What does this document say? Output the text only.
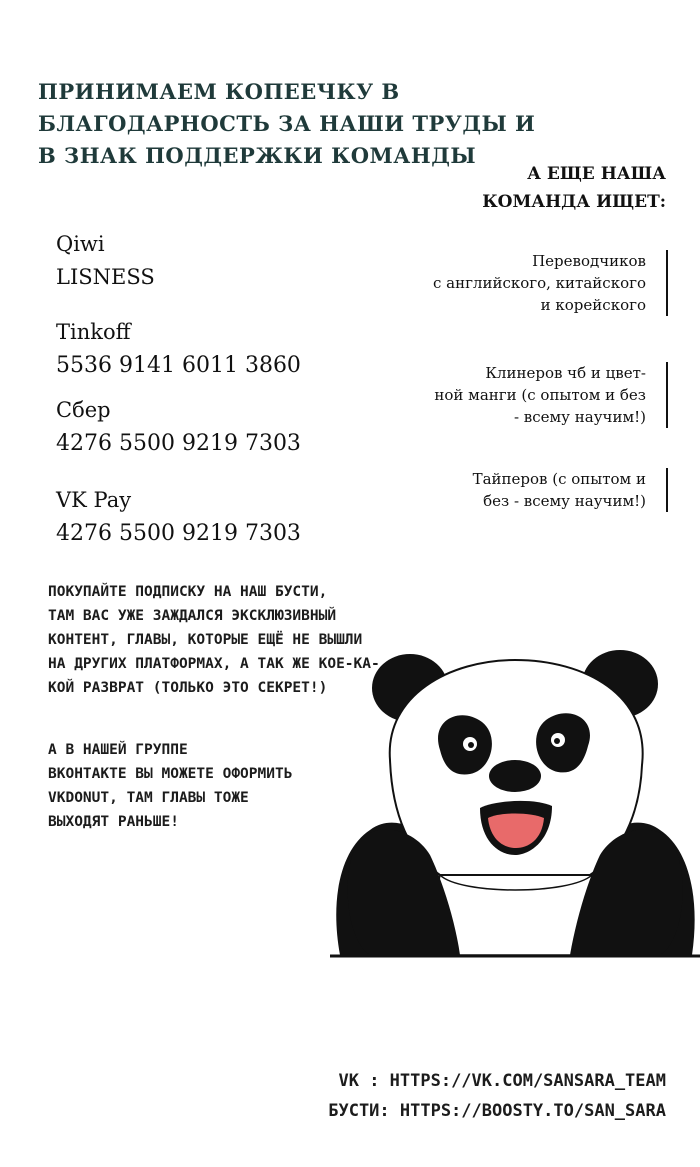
ПРИНИМАЕМ КОПЕЕЧКУ В
БЛАГОДАРНОСТЬ ЗА НАШИ ТРУДЫ И
В ЗНАК ПОДДЕРЖКИ КОМАНДЫ
А ЕЩЕ НАША
КОМАНДА ИЩЕТ:
Qiwi
LISNESS
Tinkoff
5536 9141 6011 3860
Сбер
4276 5500 9219 7303
VK Pay
4276 5500 9219 7303
Переводчиков
с английского, китайского
и корейского
Клинеров чб и цвет-
ной манги (с опытом и без
- всему научим!)
Тайперов (с опытом и
без - всему научим!)
ПОКУПАЙТЕ ПОДПИСКУ НА НАШ БУСТИ,
ТАМ ВАС УЖЕ ЗАЖДАЛСЯ ЭКСКЛЮЗИВНЫЙ
КОНТЕНТ, ГЛАВЫ, КОТОРЫЕ ЕЩЁ НЕ ВЫШЛИ
НА ДРУГИХ ПЛАТФОРМАХ, А ТАК ЖЕ КОЕ-КА-
КОЙ РАЗВРАТ (ТОЛЬКО ЭТО СЕКРЕТ!)
А В НАШЕЙ ГРУППЕ
ВКОНТАКТЕ ВЫ МОЖЕТЕ ОФОРМИТЬ
VKDONUT, ТАМ ГЛАВЫ ТОЖЕ
ВЫХОДЯТ РАНЬШЕ!
VK : HTTPS://VK.COM/SANSARA_TEAM
БУСТИ: HTTPS://BOOSTY.TO/SAN_SARA
